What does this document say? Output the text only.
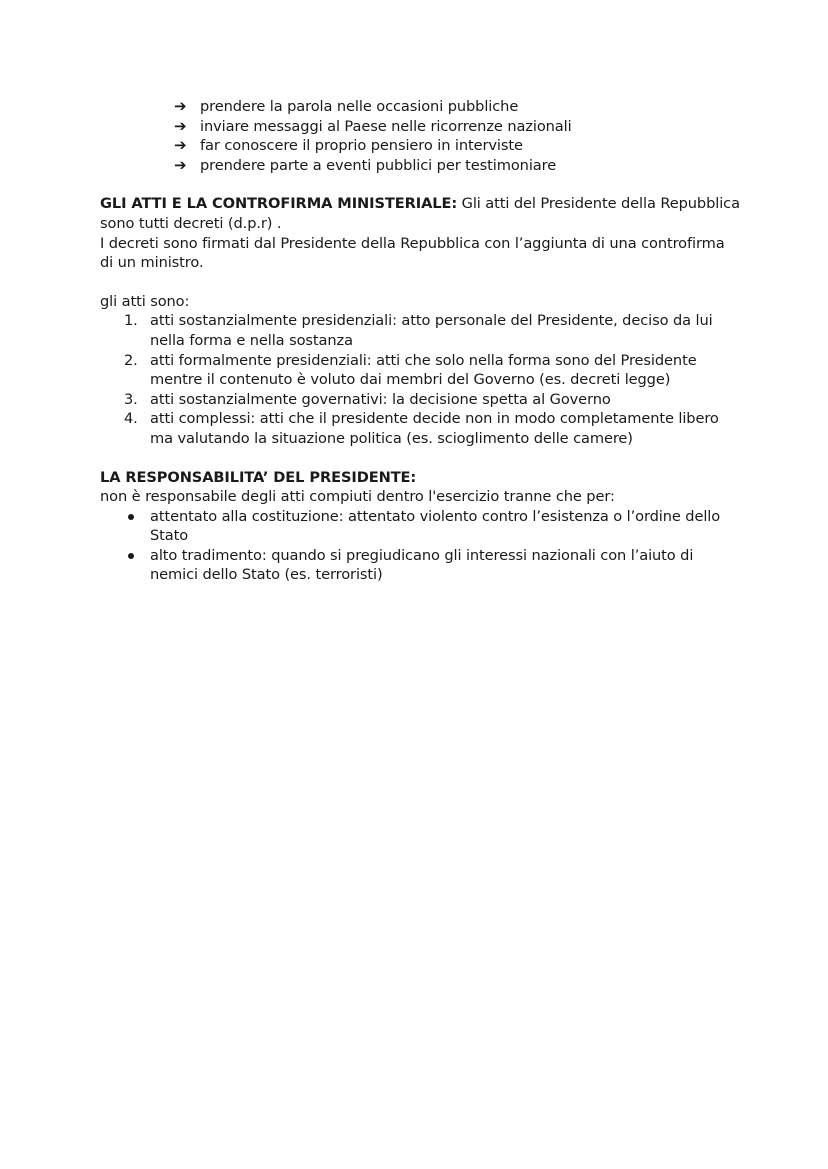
➔ prendere la parola nelle occasioni pubbliche
➔ inviare messaggi al Paese nelle ricorrenze nazionali
➔ far conoscere il proprio pensiero in interviste
➔ prendere parte a eventi pubblici per testimoniare

GLI ATTI E LA CONTROFIRMA MINISTERIALE: Gli atti del Presidente della Repubblica sono tutti decreti (d.p.r) .

I decreti sono firmati dal Presidente della Repubblica con l’aggiunta di una controfirma di un ministro.

gli atti sono:

1. atti sostanzialmente presidenziali: atto personale del Presidente, deciso da lui nella forma e nella sostanza
2. atti formalmente presidenziali: atti che solo nella forma sono del Presidente mentre il contenuto è voluto dai membri del Governo (es. decreti legge)
3. atti sostanzialmente governativi: la decisione spetta al Governo
4. atti complessi: atti che il presidente decide non in modo completamente libero ma valutando la situazione politica (es. scioglimento delle camere)

LA RESPONSABILITA’ DEL PRESIDENTE:

non è responsabile degli atti compiuti dentro l'esercizio tranne che per:

attentato alla costituzione: attentato violento contro l’esistenza o l’ordine dello Stato
alto tradimento: quando si pregiudicano gli interessi nazionali con l’aiuto di nemici dello Stato (es. terroristi)
